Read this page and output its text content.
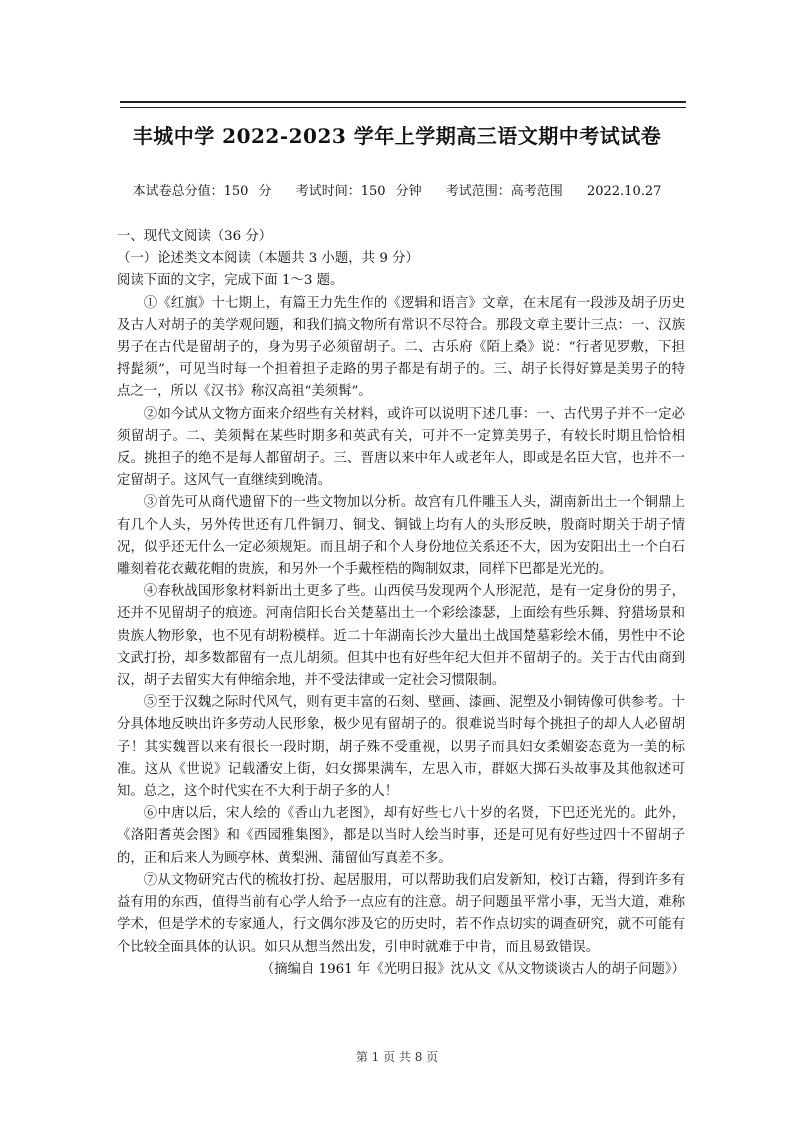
丰城中学 2022-2023 学年上学期高三语文期中考试试卷
本试卷总分值：150 分 考试时间：150 分钟 考试范围：高考范围 2022.10.27

一、现代文阅读（36 分）

（一）论述类文本阅读（本题共 3 小题，共 9 分）

阅读下面的文字，完成下面 1～3 题。

①《红旗》十七期上，有篇王力先生作的《逻辑和语言》文章，在末尾有一段涉及胡子历史及古人对胡子的美学观问题，和我们搞文物所有常识不尽符合。那段文章主要计三点：一、汉族男子在古代是留胡子的，身为男子必须留胡子。二、古乐府《陌上桑》说：“行者见罗敷，下担捋髭须”，可见当时每一个担着担子走路的男子都是有胡子的。三、胡子长得好算是美男子的特点之一，所以《汉书》称汉高祖“美须髯”。

②如今试从文物方面来介绍些有关材料，或许可以说明下述几事：一、古代男子并不一定必须留胡子。二、美须髯在某些时期多和英武有关，可并不一定算美男子，有较长时期且恰恰相反。挑担子的绝不是每人都留胡子。三、晋唐以来中年人或老年人，即或是名臣大官，也并不一定留胡子。这风气一直继续到晚清。

③首先可从商代遗留下的一些文物加以分析。故宫有几件雕玉人头，湖南新出土一个铜鼎上有几个人头，另外传世还有几件铜刀、铜戈、铜钺上均有人的头形反映，殷商时期关于胡子情况，似乎还无什么一定必须规矩。而且胡子和个人身份地位关系还不大，因为安阳出土一个白石雕刻着花衣戴花帽的贵族，和另外一个手戴桎梏的陶制奴隶，同样下巴都是光光的。

④春秋战国形象材料新出土更多了些。山西侯马发现两个人形泥范，是有一定身份的男子，还并不见留胡子的痕迹。河南信阳长台关楚墓出土一个彩绘漆瑟，上面绘有些乐舞、狩猎场景和贵族人物形象，也不见有胡粉模样。近二十年湖南长沙大量出土战国楚墓彩绘木俑，男性中不论文武打扮，却多数都留有一点儿胡须。但其中也有好些年纪大但并不留胡子的。关于古代由商到汉，胡子去留实大有伸缩余地，并不受法律或一定社会习惯限制。

⑤至于汉魏之际时代风气，则有更丰富的石刻、壁画、漆画、泥塑及小铜铸像可供参考。十分具体地反映出许多劳动人民形象，极少见有留胡子的。很难说当时每个挑担子的却人人必留胡子！其实魏晋以来有很长一段时期，胡子殊不受重视，以男子而具妇女柔媚姿态竟为一美的标准。这从《世说》记载潘安上街，妇女掷果满车，左思入市，群妪大掷石头故事及其他叙述可知。总之，这个时代实在不大利于胡子多的人！

⑥中唐以后，宋人绘的《香山九老图》，却有好些七八十岁的名贤，下巴还光光的。此外，《洛阳耆英会图》和《西园雅集图》，都是以当时人绘当时事，还是可见有好些过四十不留胡子的，正和后来人为顾亭林、黄梨洲、蒲留仙写真差不多。

⑦从文物研究古代的梳妆打扮、起居服用，可以帮助我们启发新知，校订古籍，得到许多有益有用的东西，值得当前有心学人给予一点应有的注意。胡子问题虽平常小事，无当大道，难称学术，但是学术的专家通人，行文偶尔涉及它的历史时，若不作点切实的调查研究，就不可能有个比较全面具体的认识。如只从想当然出发，引申时就难于中肯，而且易致错误。

（摘编自 1961 年《光明日报》沈从文《从文物谈谈古人的胡子问题》）

第 1 页 共 8 页
